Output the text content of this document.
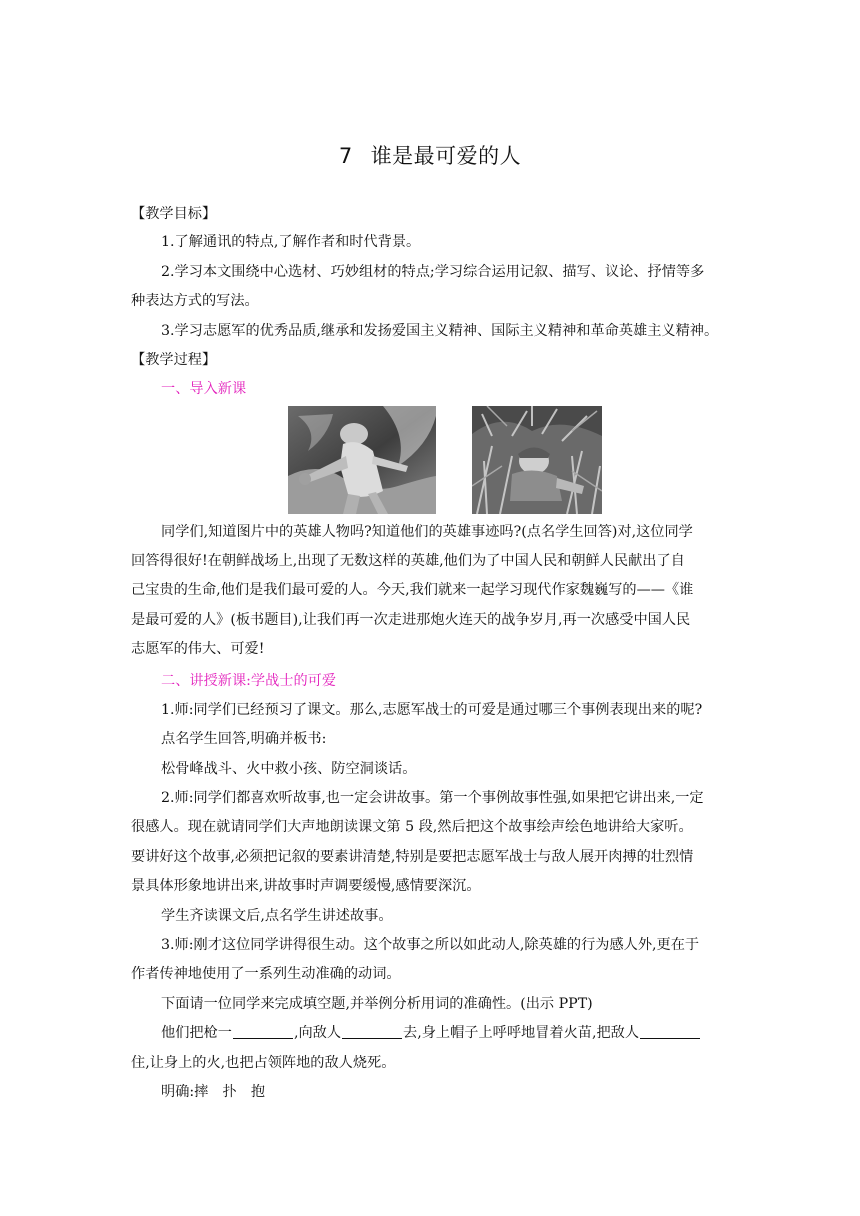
7 谁是最可爱的人
【教学目标】
1.了解通讯的特点,了解作者和时代背景。
2.学习本文围绕中心选材、巧妙组材的特点;学习综合运用记叙、描写、议论、抒情等多
种表达方式的写法。
3.学习志愿军的优秀品质,继承和发扬爱国主义精神、国际主义精神和革命英雄主义精神。
【教学过程】
一、导入新课
同学们,知道图片中的英雄人物吗?知道他们的英雄事迹吗?(点名学生回答)对,这位同学
回答得很好!在朝鲜战场上,出现了无数这样的英雄,他们为了中国人民和朝鲜人民献出了自
己宝贵的生命,他们是我们最可爱的人。今天,我们就来一起学习现代作家魏巍写的——《谁
是最可爱的人》(板书题目),让我们再一次走进那炮火连天的战争岁月,再一次感受中国人民
志愿军的伟大、可爱!
二、讲授新课:学战士的可爱
1.师:同学们已经预习了课文。那么,志愿军战士的可爱是通过哪三个事例表现出来的呢?
点名学生回答,明确并板书:
松骨峰战斗、火中救小孩、防空洞谈话。
2.师:同学们都喜欢听故事,也一定会讲故事。第一个事例故事性强,如果把它讲出来,一定
很感人。现在就请同学们大声地朗读课文第 5 段,然后把这个故事绘声绘色地讲给大家听。
要讲好这个故事,必须把记叙的要素讲清楚,特别是要把志愿军战士与敌人展开肉搏的壮烈情
景具体形象地讲出来,讲故事时声调要缓慢,感情要深沉。
学生齐读课文后,点名学生讲述故事。
3.师:刚才这位同学讲得很生动。这个故事之所以如此动人,除英雄的行为感人外,更在于
作者传神地使用了一系列生动准确的动词。
下面请一位同学来完成填空题,并举例分析用词的准确性。(出示 PPT)
他们把枪一	,向敌人	去,身上帽子上呼呼地冒着火苗,把敌人
住,让身上的火,也把占领阵地的敌人烧死。
明确:摔　扑　抱
